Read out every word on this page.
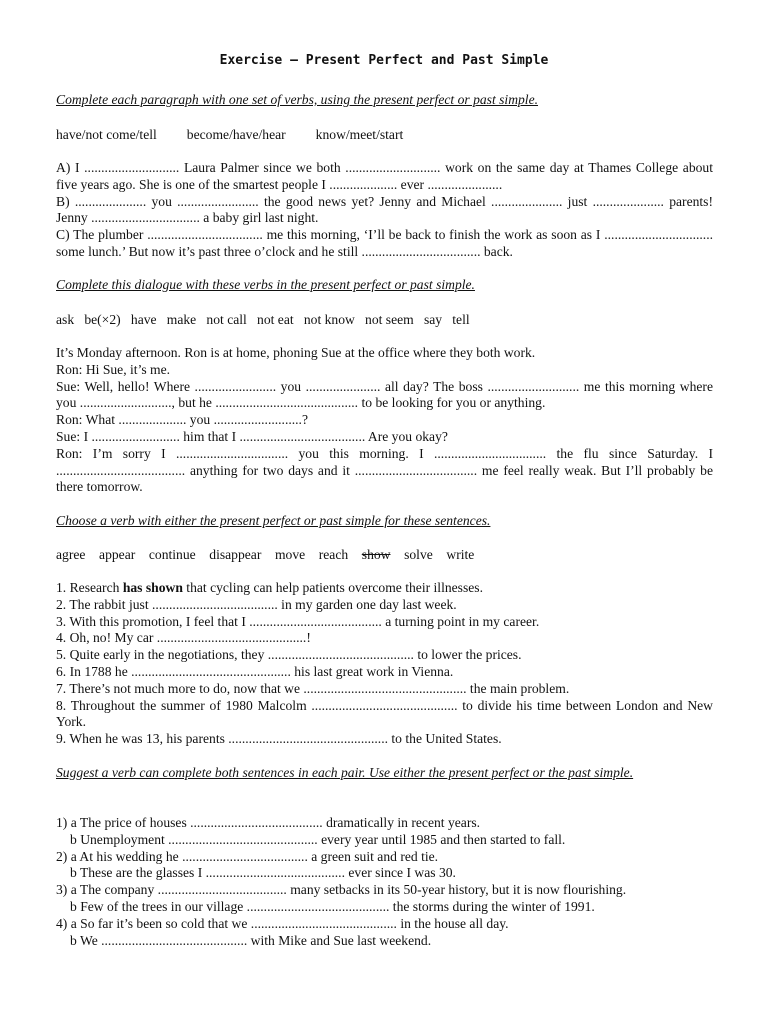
Exercise — Present Perfect and Past Simple
Complete each paragraph with one set of verbs, using the present perfect or past simple.
have/not come/tell become/have/hear know/meet/start

A) I ............................ Laura Palmer since we both ............................ work on the same day at Thames College about five years ago. She is one of the smartest people I .................... ever ......................

B) ..................... you ........................ the good news yet? Jenny and Michael ..................... just ..................... parents! Jenny ................................ a baby girl last night.

C) The plumber .................................. me this morning, ‘I’ll be back to finish the work as soon as I ................................ some lunch.’ But now it’s past three o’clock and he still ................................... back.

Complete this dialogue with these verbs in the present perfect or past simple.
ask be(×2) have make not call not eat not know not seem say tell

It’s Monday afternoon. Ron is at home, phoning Sue at the office where they both work.

Ron: Hi Sue, it’s me.

Sue: Well, hello! Where ........................ you ...................... all day? The boss ........................... me this morning where you ..........................., but he .......................................... to be looking for you or anything.

Ron: What .................... you ..........................?

Sue: I .......................... him that I ..................................... Are you okay?

Ron: I’m sorry I ................................. you this morning. I ................................. the flu since Saturday. I ...................................... anything for two days and it .................................... me feel really weak. But I’ll probably be there tomorrow.

Choose a verb with either the present perfect or past simple for these sentences.
agree appear continue disappear move reach show solve write

1. Research has shown that cycling can help patients overcome their illnesses.

2. The rabbit just ..................................... in my garden one day last week.

3. With this promotion, I feel that I ....................................... a turning point in my career.

4. Oh, no! My car ............................................!

5. Quite early in the negotiations, they ........................................... to lower the prices.

6. In 1788 he ............................................... his last great work in Vienna.

7. There’s not much more to do, now that we ................................................ the main problem.

8. Throughout the summer of 1980 Malcolm ........................................... to divide his time between London and New York.

9. When he was 13, his parents ............................................... to the United States.

Suggest a verb can complete both sentences in each pair. Use either the present perfect or the past simple.
1) a The price of houses ....................................... dramatically in recent years.
b Unemployment ............................................ every year until 1985 and then started to fall.
2) a At his wedding he ..................................... a green suit and red tie.
b These are the glasses I ......................................... ever since I was 30.
3) a The company ...................................... many setbacks in its 50-year history, but it is now flourishing.
b Few of the trees in our village .......................................... the storms during the winter of 1991.
4) a So far it’s been so cold that we ........................................... in the house all day.
b We ........................................... with Mike and Sue last weekend.
